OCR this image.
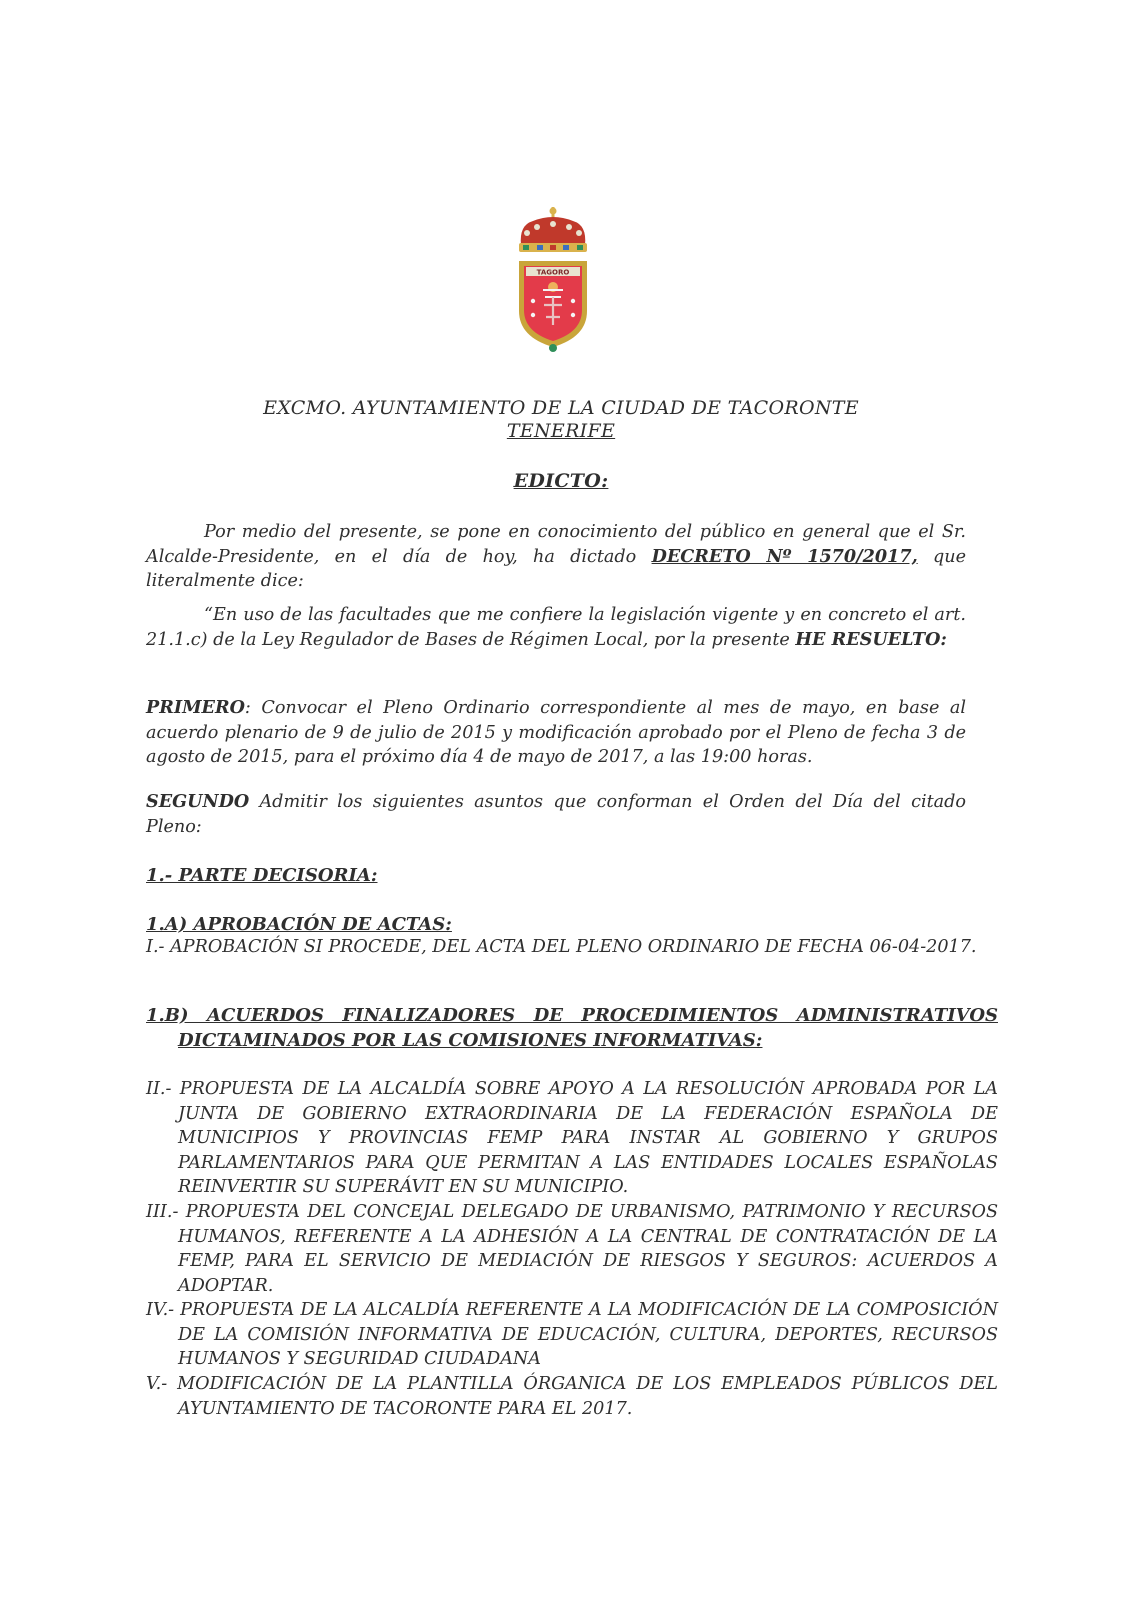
TAGORO
EXCMO. AYUNTAMIENTO DE LA CIUDAD DE TACORONTE
TENERIFE
EDICTO:
Por medio del presente, se pone en conocimiento del público en general que el Sr. Alcalde-Presidente, en el día de hoy, ha dictado DECRETO Nº 1570/2017, que literalmente dice:
“En uso de las facultades que me confiere la legislación vigente y en concreto el art. 21.1.c) de la Ley Regulador de Bases de Régimen Local, por la presente HE RESUELTO:
PRIMERO: Convocar el Pleno Ordinario correspondiente al mes de mayo, en base al acuerdo plenario de 9 de julio de 2015 y modificación aprobado por el Pleno de fecha 3 de agosto de 2015, para el próximo día 4 de mayo de 2017, a las 19:00 horas.
SEGUNDO Admitir los siguientes asuntos que conforman el Orden del Día del citado Pleno:
1.- PARTE DECISORIA:
1.A) APROBACIÓN DE ACTAS:
I.- APROBACIÓN SI PROCEDE, DEL ACTA DEL PLENO ORDINARIO DE FECHA 06-04-2017.
1.B) ACUERDOS FINALIZADORES DE PROCEDIMIENTOS ADMINISTRATIVOS DICTAMINADOS POR LAS COMISIONES INFORMATIVAS:
II.- PROPUESTA DE LA ALCALDÍA SOBRE APOYO A LA RESOLUCIÓN APROBADA POR LA JUNTA DE GOBIERNO EXTRAORDINARIA DE LA FEDERACIÓN ESPAÑOLA DE MUNICIPIOS Y PROVINCIAS FEMP PARA INSTAR AL GOBIERNO Y GRUPOS PARLAMENTARIOS PARA QUE PERMITAN A LAS ENTIDADES LOCALES ESPAÑOLAS REINVERTIR SU SUPERÁVIT EN SU MUNICIPIO.
III.- PROPUESTA DEL CONCEJAL DELEGADO DE URBANISMO, PATRIMONIO Y RECURSOS HUMANOS, REFERENTE A LA ADHESIÓN A LA CENTRAL DE CONTRATACIÓN DE LA FEMP, PARA EL SERVICIO DE MEDIACIÓN DE RIESGOS Y SEGUROS: ACUERDOS A ADOPTAR.
IV.- PROPUESTA DE LA ALCALDÍA REFERENTE A LA MODIFICACIÓN DE LA COMPOSICIÓN DE LA COMISIÓN INFORMATIVA DE EDUCACIÓN, CULTURA, DEPORTES, RECURSOS HUMANOS Y SEGURIDAD CIUDADANA
V.- MODIFICACIÓN DE LA PLANTILLA ÓRGANICA DE LOS EMPLEADOS PÚBLICOS DEL AYUNTAMIENTO DE TACORONTE PARA EL 2017.
